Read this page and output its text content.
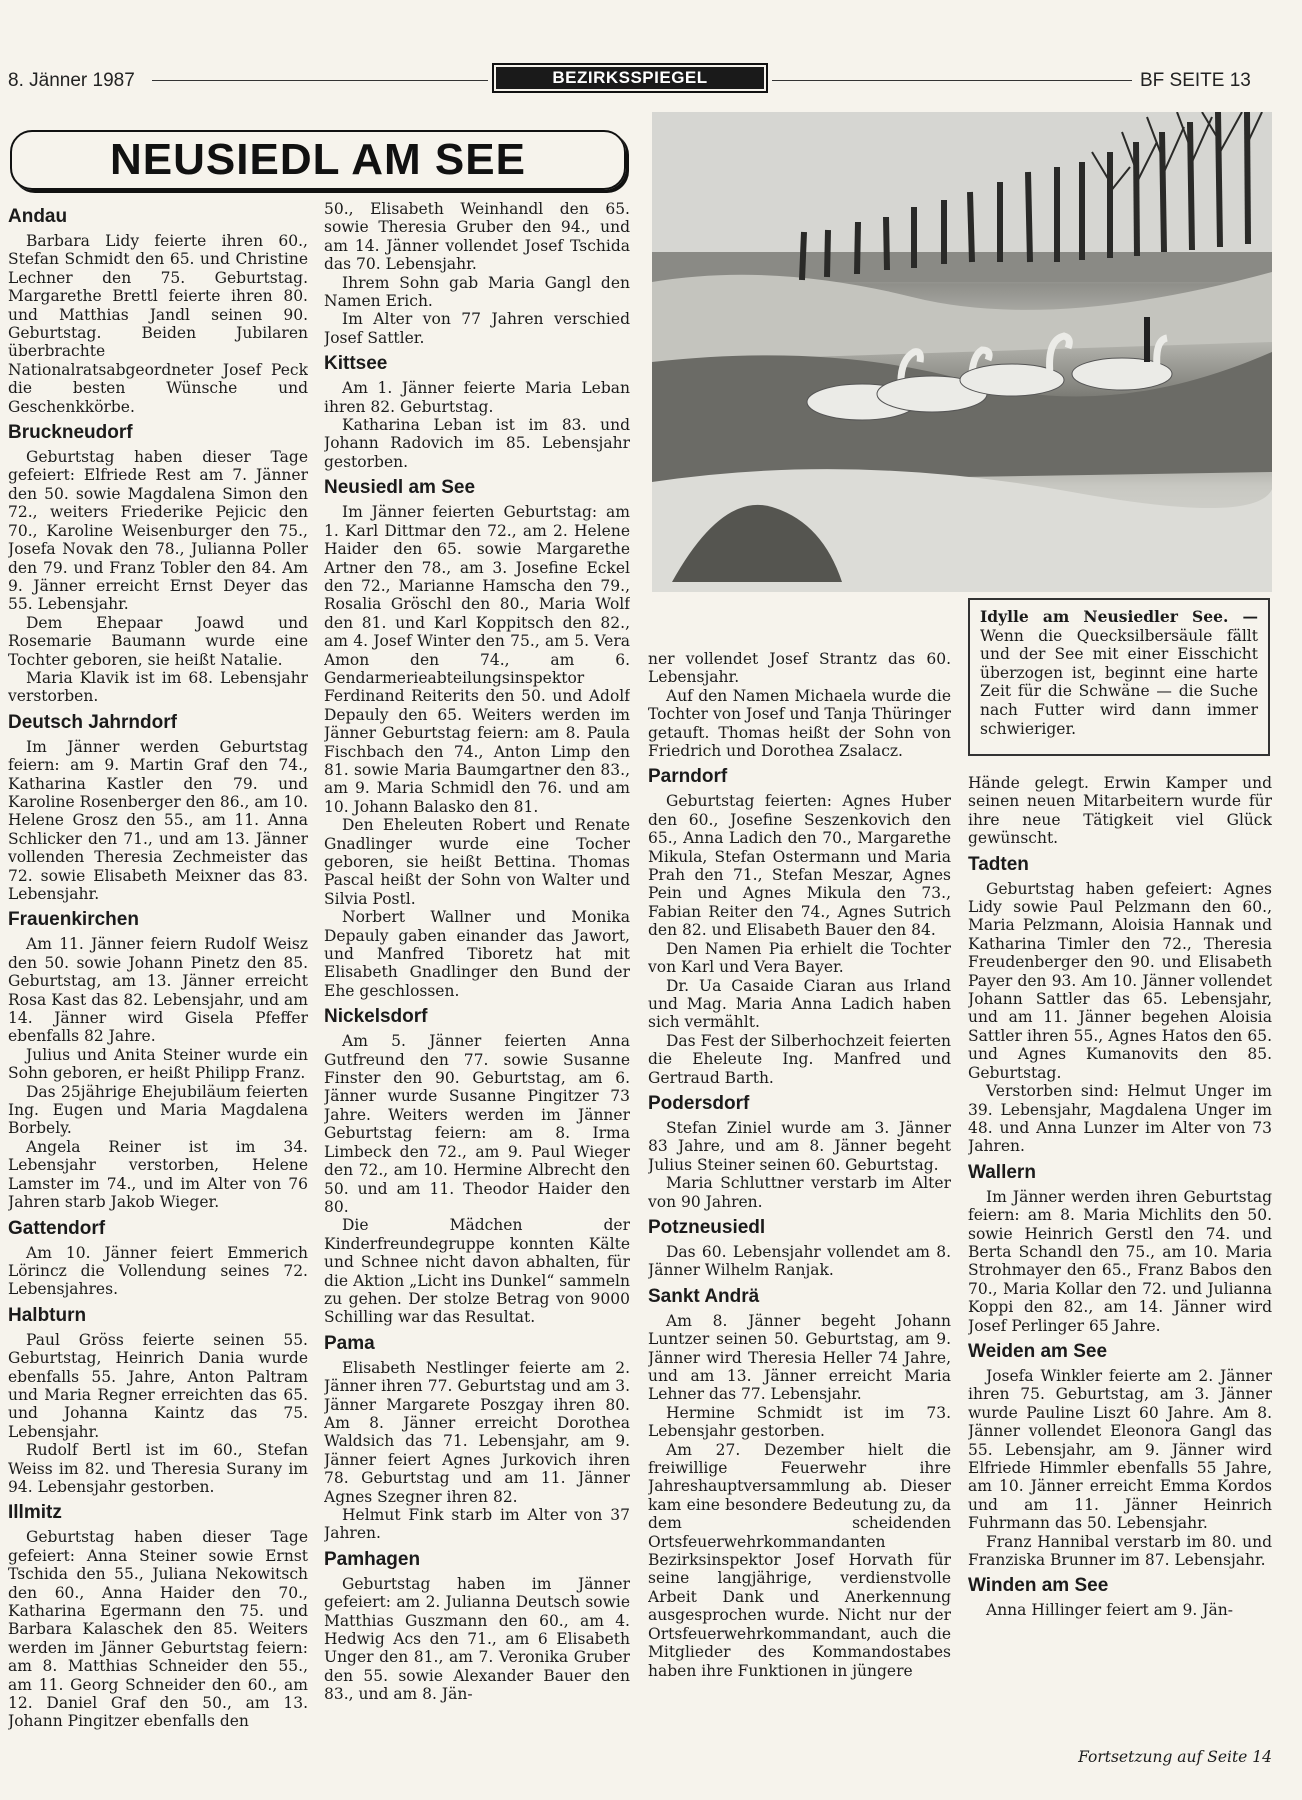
8. Jänner 1987	BEZIRKSSPIEGEL	BF SEITE 13
NEUSIEDL AM SEE
Andau

Barbara Lidy feierte ihren 60., Stefan Schmidt den 65. und Christine Lechner den 75. Geburtstag. Margarethe Brettl feierte ihren 80. und Matthias Jandl seinen 90. Geburtstag. Beiden Jubilaren überbrachte Nationalratsabgeordneter Josef Peck die besten Wünsche und Geschenkkörbe.

Bruckneudorf

Geburtstag haben dieser Tage gefeiert: Elfriede Rest am 7. Jänner den 50. sowie Magdalena Simon den 72., weiters Friederike Pejicic den 70., Karoline Weisenburger den 75., Josefa Novak den 78., Julianna Poller den 79. und Franz Tobler den 84. Am 9. Jänner erreicht Ernst Deyer das 55. Lebensjahr.

Dem Ehepaar Joawd und Rosemarie Baumann wurde eine Tochter geboren, sie heißt Natalie.

Maria Klavik ist im 68. Lebensjahr verstorben.

Deutsch Jahrndorf

Im Jänner werden Geburtstag feiern: am 9. Martin Graf den 74., Katharina Kastler den 79. und Karoline Rosenberger den 86., am 10. Helene Grosz den 55., am 11. Anna Schlicker den 71., und am 13. Jänner vollenden Theresia Zechmeister das 72. sowie Elisabeth Meixner das 83. Lebensjahr.

Frauenkirchen

Am 11. Jänner feiern Rudolf Weisz den 50. sowie Johann Pinetz den 85. Geburtstag, am 13. Jänner erreicht Rosa Kast das 82. Lebensjahr, und am 14. Jänner wird Gisela Pfeffer ebenfalls 82 Jahre.

Julius und Anita Steiner wurde ein Sohn geboren, er heißt Philipp Franz.

Das 25jährige Ehejubiläum feierten Ing. Eugen und Maria Magdalena Borbely.

Angela Reiner ist im 34. Lebensjahr verstorben, Helene Lamster im 74., und im Alter von 76 Jahren starb Jakob Wieger.

Gattendorf

Am 10. Jänner feiert Emmerich Lörincz die Vollendung seines 72. Lebensjahres.

Halbturn

Paul Gröss feierte seinen 55. Geburtstag, Heinrich Dania wurde ebenfalls 55. Jahre, Anton Paltram und Maria Regner erreichten das 65. und Johanna Kaintz das 75. Lebensjahr.

Rudolf Bertl ist im 60., Stefan Weiss im 82. und Theresia Surany im 94. Lebensjahr gestorben.

Illmitz

Geburtstag haben dieser Tage gefeiert: Anna Steiner sowie Ernst Tschida den 55., Juliana Nekowitsch den 60., Anna Haider den 70., Katharina Egermann den 75. und Barbara Kalaschek den 85. Weiters werden im Jänner Geburtstag feiern: am 8. Matthias Schneider den 55., am 11. Georg Schneider den 60., am 12. Daniel Graf den 50., am 13. Johann Pingitzer ebenfalls den

50., Elisabeth Weinhandl den 65. sowie Theresia Gruber den 94., und am 14. Jänner vollendet Josef Tschida das 70. Lebensjahr.

Ihrem Sohn gab Maria Gangl den Namen Erich.

Im Alter von 77 Jahren verschied Josef Sattler.

Kittsee

Am 1. Jänner feierte Maria Leban ihren 82. Geburtstag.

Katharina Leban ist im 83. und Johann Radovich im 85. Lebensjahr gestorben.

Neusiedl am See

Im Jänner feierten Geburtstag: am 1. Karl Dittmar den 72., am 2. Helene Haider den 65. sowie Margarethe Artner den 78., am 3. Josefine Eckel den 72., Marianne Hamscha den 79., Rosalia Gröschl den 80., Maria Wolf den 81. und Karl Koppitsch den 82., am 4. Josef Winter den 75., am 5. Vera Amon den 74., am 6. Gendarmerieabteilungsinspektor Ferdinand Reiterits den 50. und Adolf Depauly den 65. Weiters werden im Jänner Geburtstag feiern: am 8. Paula Fischbach den 74., Anton Limp den 81. sowie Maria Baumgartner den 83., am 9. Maria Schmidl den 76. und am 10. Johann Balasko den 81.

Den Eheleuten Robert und Renate Gnadlinger wurde eine Tocher geboren, sie heißt Bettina. Thomas Pascal heißt der Sohn von Walter und Silvia Postl.

Norbert Wallner und Monika Depauly gaben einander das Jawort, und Manfred Tiboretz hat mit Elisabeth Gnadlinger den Bund der Ehe geschlossen.

Nickelsdorf

Am 5. Jänner feierten Anna Gutfreund den 77. sowie Susanne Finster den 90. Geburtstag, am 6. Jänner wurde Susanne Pingitzer 73 Jahre. Weiters werden im Jänner Geburtstag feiern: am 8. Irma Limbeck den 72., am 9. Paul Wieger den 72., am 10. Hermine Albrecht den 50. und am 11. Theodor Haider den 80.

Die Mädchen der Kinderfreundegruppe konnten Kälte und Schnee nicht davon abhalten, für die Aktion „Licht ins Dunkel“ sammeln zu gehen. Der stolze Betrag von 9000 Schilling war das Resultat.

Pama

Elisabeth Nestlinger feierte am 2. Jänner ihren 77. Geburtstag und am 3. Jänner Margarete Poszgay ihren 80. Am 8. Jänner erreicht Dorothea Waldsich das 71. Lebensjahr, am 9. Jänner feiert Agnes Jurkovich ihren 78. Geburtstag und am 11. Jänner Agnes Szegner ihren 82.

Helmut Fink starb im Alter von 37 Jahren.

Pamhagen

Geburtstag haben im Jänner gefeiert: am 2. Julianna Deutsch sowie Matthias Guszmann den 60., am 4. Hedwig Acs den 71., am 6 Elisabeth Unger den 81., am 7. Veronika Gruber den 55. sowie Alexander Bauer den 83., und am 8. Jän-

ner vollendet Josef Strantz das 60. Lebensjahr.

Auf den Namen Michaela wurde die Tochter von Josef und Tanja Thüringer getauft. Thomas heißt der Sohn von Friedrich und Dorothea Zsalacz.

Parndorf

Geburtstag feierten: Agnes Huber den 60., Josefine Seszenkovich den 65., Anna Ladich den 70., Margarethe Mikula, Stefan Ostermann und Maria Prah den 71., Stefan Meszar, Agnes Pein und Agnes Mikula den 73., Fabian Reiter den 74., Agnes Sutrich den 82. und Elisabeth Bauer den 84.

Den Namen Pia erhielt die Tochter von Karl und Vera Bayer.

Dr. Ua Casaide Ciaran aus Irland und Mag. Maria Anna Ladich haben sich vermählt.

Das Fest der Silberhochzeit feierten die Eheleute Ing. Manfred und Gertraud Barth.

Podersdorf

Stefan Ziniel wurde am 3. Jänner 83 Jahre, und am 8. Jänner begeht Julius Steiner seinen 60. Geburtstag.

Maria Schluttner verstarb im Alter von 90 Jahren.

Potzneusiedl

Das 60. Lebensjahr vollendet am 8. Jänner Wilhelm Ranjak.

Sankt Andrä

Am 8. Jänner begeht Johann Luntzer seinen 50. Geburtstag, am 9. Jänner wird Theresia Heller 74 Jahre, und am 13. Jänner erreicht Maria Lehner das 77. Lebensjahr.

Hermine Schmidt ist im 73. Lebensjahr gestorben.

Am 27. Dezember hielt die freiwillige Feuerwehr ihre Jahreshauptversammlung ab. Dieser kam eine besondere Bedeutung zu, da dem scheidenden Ortsfeuerwehrkommandanten Bezirksinspektor Josef Horvath für seine langjährige, verdienstvolle Arbeit Dank und Anerkennung ausgesprochen wurde. Nicht nur der Ortsfeuerwehrkommandant, auch die Mitglieder des Kommandostabes haben ihre Funktionen in jüngere

Hände gelegt. Erwin Kamper und seinen neuen Mitarbeitern wurde für ihre neue Tätigkeit viel Glück gewünscht.

Tadten

Geburtstag haben gefeiert: Agnes Lidy sowie Paul Pelzmann den 60., Maria Pelzmann, Aloisia Hannak und Katharina Timler den 72., Theresia Freudenberger den 90. und Elisabeth Payer den 93. Am 10. Jänner vollendet Johann Sattler das 65. Lebensjahr, und am 11. Jänner begehen Aloisia Sattler ihren 55., Agnes Hatos den 65. und Agnes Kumanovits den 85. Geburtstag.

Verstorben sind: Helmut Unger im 39. Lebensjahr, Magdalena Unger im 48. und Anna Lunzer im Alter von 73 Jahren.

Wallern

Im Jänner werden ihren Geburtstag feiern: am 8. Maria Michlits den 50. sowie Heinrich Gerstl den 74. und Berta Schandl den 75., am 10. Maria Strohmayer den 65., Franz Babos den 70., Maria Kollar den 72. und Julianna Koppi den 82., am 14. Jänner wird Josef Perlinger 65 Jahre.

Weiden am See

Josefa Winkler feierte am 2. Jänner ihren 75. Geburtstag, am 3. Jänner wurde Pauline Liszt 60 Jahre. Am 8. Jänner vollendet Eleonora Gangl das 55. Lebensjahr, am 9. Jänner wird Elfriede Himmler ebenfalls 55 Jahre, am 10. Jänner erreicht Emma Kordos und am 11. Jänner Heinrich Fuhrmann das 50. Lebensjahr.

Franz Hannibal verstarb im 80. und Franziska Brunner im 87. Lebensjahr.

Winden am See

Anna Hillinger feiert am 9. Jän-

Idylle am Neusiedler See. — Wenn die Quecksilbersäule fällt und der See mit einer Eisschicht überzogen ist, beginnt eine harte Zeit für die Schwäne — die Suche nach Futter wird dann immer schwieriger.
Fortsetzung auf Seite 14
